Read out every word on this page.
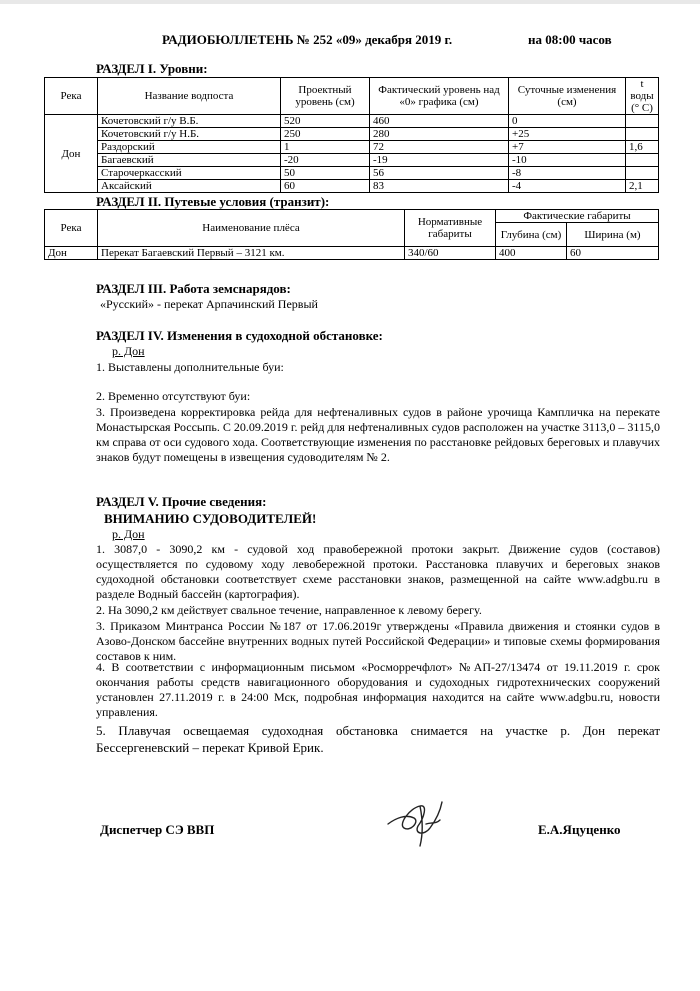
РАДИОБЮЛЛЕТЕНЬ № 252 «09» декабря 2019 г.	на 08:00 часов
РАЗДЕЛ I. Уровни:
Река	Название водпоста	Проектный уровень (см)	Фактический уровень над «0» графика (см)	Суточные изменения (см)	t воды (° С)
Дон	Кочетовский г/у В.Б.	520	460	0	
	Кочетовский г/у Н.Б.	250	280	+25	
	Раздорский	1	72	+7	1,6
	Багаевский	-20	-19	-10	
	Старочеркасский	50	56	-8	
	Аксайский	60	83	-4	2,1
РАЗДЕЛ II. Путевые условия (транзит):
Река	Наименование плёса	Нормативные габариты	Фактические габариты	
			Глубина (см)	Ширина (м)
Дон	Перекат Багаевский Первый – 3121 км.	340/60	400	60
РАЗДЕЛ III. Работа земснарядов:
«Русский» - перекат Арпачинский Первый
РАЗДЕЛ IV. Изменения в судоходной обстановке:
р. Дон
1. Выставлены дополнительные буи:
2. Временно отсутствуют буи:
3. Произведена корректировка рейда для нефтеналивных судов в районе урочища Кампличка на перекате Монастырская Россыпь. С 20.09.2019 г. рейд для нефтеналивных судов расположен на участке 3113,0 – 3115,0 км справа от оси судового хода. Соответствующие изменения по расстановке рейдовых береговых и плавучих знаков будут помещены в извещения судоводителям № 2.
РАЗДЕЛ V. Прочие сведения:
ВНИМАНИЮ СУДОВОДИТЕЛЕЙ!
р. Дон
1. 3087,0 - 3090,2 км - судовой ход правобережной протоки закрыт. Движение судов (составов) осуществляется по судовому ходу левобережной протоки. Расстановка плавучих и береговых знаков судоходной обстановки соответствует схеме расстановки знаков, размещенной на сайте www.adgbu.ru в разделе Водный бассейн (картография).
2. На 3090,2 км действует свальное течение, направленное к левому берегу.
3. Приказом Минтранса России №187 от 17.06.2019г утверждены «Правила движения и стоянки судов в Азово-Донском бассейне внутренних водных путей Российской Федерации» и типовые схемы формирования составов к ним.
4. В соответствии с информационным письмом «Росморречфлот» №АП-27/13474 от 19.11.2019 г. срок окончания работы средств навигационного оборудования и судоходных гидротехнических сооружений установлен 27.11.2019 г. в 24:00 Мск, подробная информация находится на сайте www.adgbu.ru, новости управления.
5. Плавучая освещаемая судоходная обстановка снимается на участке р. Дон перекат Бессергеневский – перекат Кривой Ерик.
Диспетчер СЭ ВВП	Е.А.Яцуценко
